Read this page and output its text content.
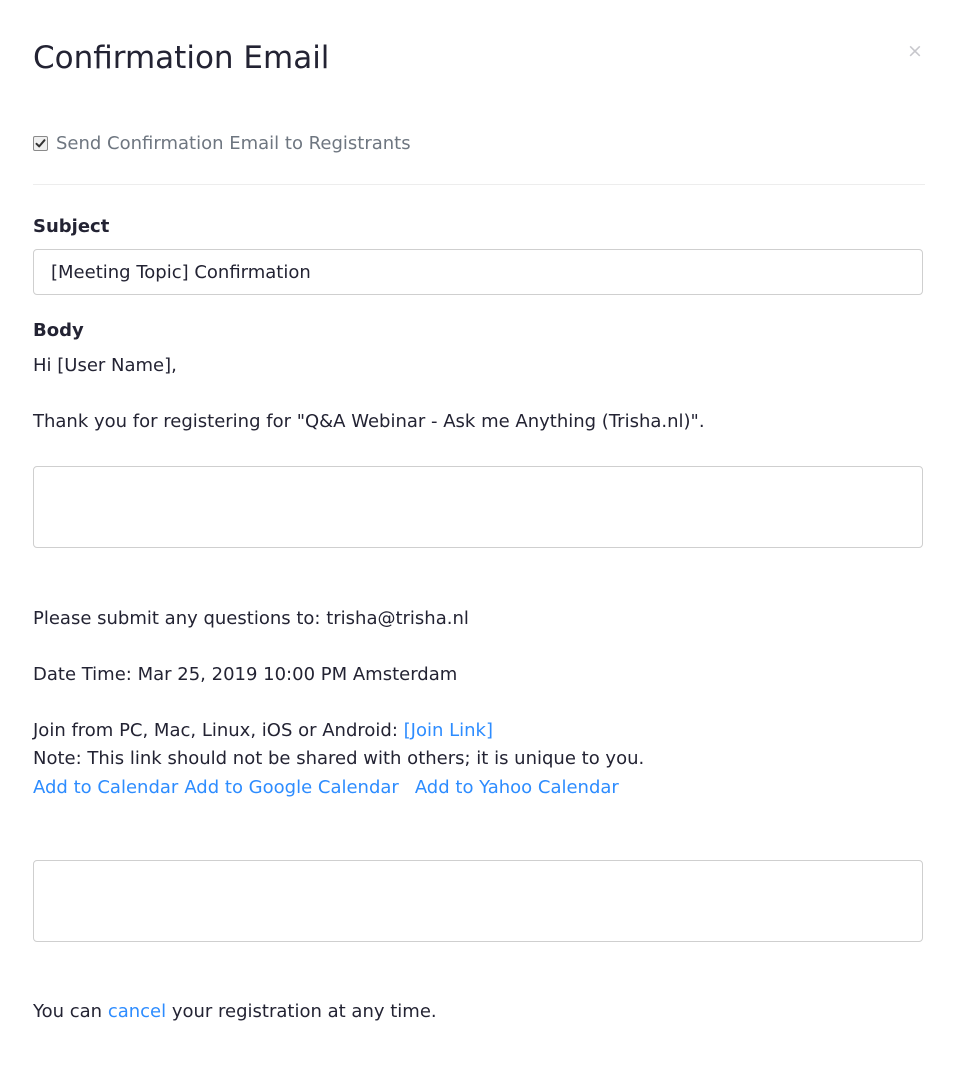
Confirmation Email	×
Send Confirmation Email to Registrants
Subject
[Meeting Topic] Confirmation
Body
Hi [User Name],
Thank you for registering for "Q&A Webinar - Ask me Anything (Trisha.nl)".
Please submit any questions to: trisha@trisha.nl
Date Time: Mar 25, 2019 10:00 PM Amsterdam
Join from PC, Mac, Linux, iOS or Android: [Join Link]
Note: This link should not be shared with others; it is unique to you.
Add to Calendar Add to Google Calendar Add to Yahoo Calendar
You can cancel your registration at any time.
